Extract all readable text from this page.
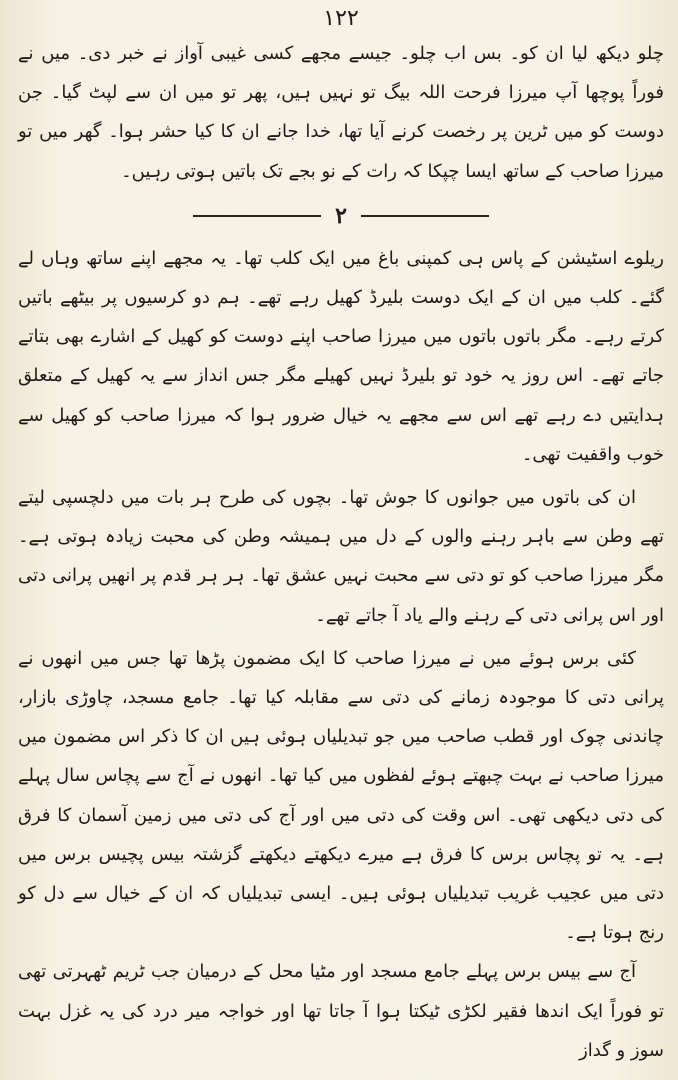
۱۲۲

چلو دیکھ لیا ان کو۔ بس اب چلو۔ جیسے مجھے کسی غیبی آواز نے خبر دی۔ میں نے فوراً پوچھا آپ میرزا فرحت اللہ بیگ تو نہیں ہیں، پھر تو میں ان سے لپٹ گیا۔ جن دوست کو میں ٹرین پر رخصت کرنے آیا تھا، خدا جانے ان کا کیا حشر ہوا۔ گھر میں تو میرزا صاحب کے ساتھ ایسا چپکا کہ رات کے نو بجے تک باتیں ہوتی رہیں۔

۲

ریلوے اسٹیشن کے پاس ہی کمپنی باغ میں ایک کلب تھا۔ یہ مجھے اپنے ساتھ وہاں لے گئے۔ کلب میں ان کے ایک دوست بلیرڈ کھیل رہے تھے۔ ہم دو کرسیوں پر بیٹھے باتیں کرتے رہے۔ مگر باتوں باتوں میں میرزا صاحب اپنے دوست کو کھیل کے اشارے بھی بتاتے جاتے تھے۔ اس روز یہ خود تو بلیرڈ نہیں کھیلے مگر جس انداز سے یہ کھیل کے متعلق ہدایتیں دے رہے تھے اس سے مجھے یہ خیال ضرور ہوا کہ میرزا صاحب کو کھیل سے خوب واقفیت تھی۔

ان کی باتوں میں جوانوں کا جوش تھا۔ بچوں کی طرح ہر بات میں دلچسپی لیتے تھے وطن سے باہر رہنے والوں کے دل میں ہمیشہ وطن کی محبت زیادہ ہوتی ہے۔ مگر میرزا صاحب کو تو دتی سے محبت نہیں عشق تھا۔ ہر ہر قدم پر انھیں پرانی دتی اور اس پرانی دتی کے رہنے والے یاد آ جاتے تھے۔

کئی برس ہوئے میں نے میرزا صاحب کا ایک مضمون پڑھا تھا جس میں انھوں نے پرانی دتی کا موجودہ زمانے کی دتی سے مقابلہ کیا تھا۔ جامع مسجد، چاوڑی بازار، چاندنی چوک اور قطب صاحب میں جو تبدیلیاں ہوئی ہیں ان کا ذکر اس مضمون میں میرزا صاحب نے بہت چبھتے ہوئے لفظوں میں کیا تھا۔ انھوں نے آج سے پچاس سال پہلے کی دتی دیکھی تھی۔ اس وقت کی دتی میں اور آج کی دتی میں زمین آسمان کا فرق ہے۔ یہ تو پچاس برس کا فرق ہے میرے دیکھتے دیکھتے گزشتہ بیس پچیس برس میں دتی میں عجیب غریب تبدیلیاں ہوئی ہیں۔ ایسی تبدیلیاں کہ ان کے خیال سے دل کو رنج ہوتا ہے۔

آج سے بیس برس پہلے جامع مسجد اور مٹیا محل کے درمیان جب ٹریم ٹھہرتی تھی تو فوراً ایک اندھا فقیر لکڑی ٹیکتا ہوا آ جاتا تھا اور خواجہ میر درد کی یہ غزل بہت سوز و گداز
